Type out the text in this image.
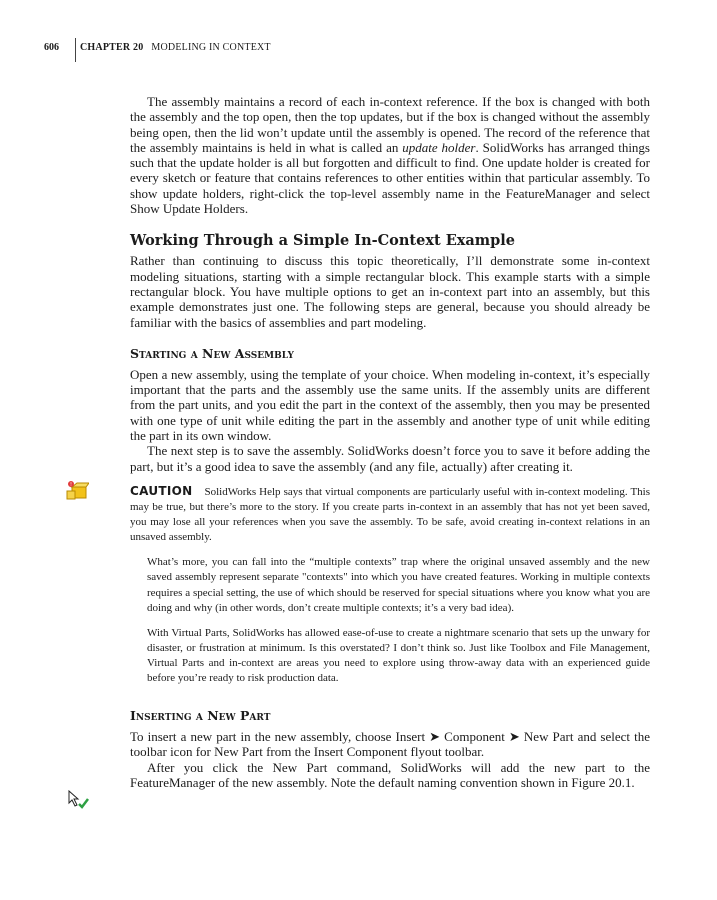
606 CHAPTER 20 MODELING IN CONTEXT

The assembly maintains a record of each in-context reference. If the box is changed with both the assembly and the top open, then the top updates, but if the box is changed without the assembly being open, then the lid won’t update until the assembly is opened. The record of the reference that the assembly maintains is held in what is called an update holder. SolidWorks has arranged things such that the update holder is all but forgotten and difficult to find. One update holder is created for every sketch or feature that contains references to other entities within that particular assembly. To show update holders, right-click the top-level assembly name in the FeatureManager and select Show Update Holders.

Working Through a Simple In-Context Example

Rather than continuing to discuss this topic theoretically, I’ll demonstrate some in-context modeling situations, starting with a simple rectangular block. This example starts with a simple rectangular block. You have multiple options to get an in-context part into an assembly, but this example demonstrates just one. The following steps are general, because you should already be familiar with the basics of assemblies and part modeling.

Starting a New Assembly

Open a new assembly, using the template of your choice. When modeling in-context, it’s especially important that the parts and the assembly use the same units. If the assembly units are different from the part units, and you edit the part in the context of the assembly, then you may be presented with one type of unit while editing the part in the assembly and another type of unit while editing the part in its own window.

The next step is to save the assembly. SolidWorks doesn’t force you to save it before adding the part, but it’s a good idea to save the assembly (and any file, actually) after creating it.

!	CAUTION SolidWorks Help says that virtual components are particularly useful with in-context modeling. This may be true, but there’s more to the story. If you create parts in-context in an assembly that has not yet been saved, you may lose all your references when you save the assembly. To be safe, avoid creating in-context relations in an unsaved assembly.

What’s more, you can fall into the “multiple contexts” trap where the original unsaved assembly and the new saved assembly represent separate "contexts" into which you have created features. Working in multiple contexts requires a special setting, the use of which should be reserved for special situations where you know what you are doing and why (in other words, don’t create multiple contexts; it’s a very bad idea).

With Virtual Parts, SolidWorks has allowed ease-of-use to create a nightmare scenario that sets up the unwary for disaster, or frustration at minimum. Is this overstated? I don’t think so. Just like Toolbox and File Management, Virtual Parts and in-context are areas you need to explore using throw-away data with an experienced guide before you’re ready to risk production data.

Inserting a New Part

To insert a new part in the new assembly, choose Insert ➤ Component ➤ New Part and select the toolbar icon for New Part from the Insert Component flyout toolbar.

After you click the New Part command, SolidWorks will add the new part to the FeatureManager of the new assembly. Note the default naming convention shown in Figure 20.1.
